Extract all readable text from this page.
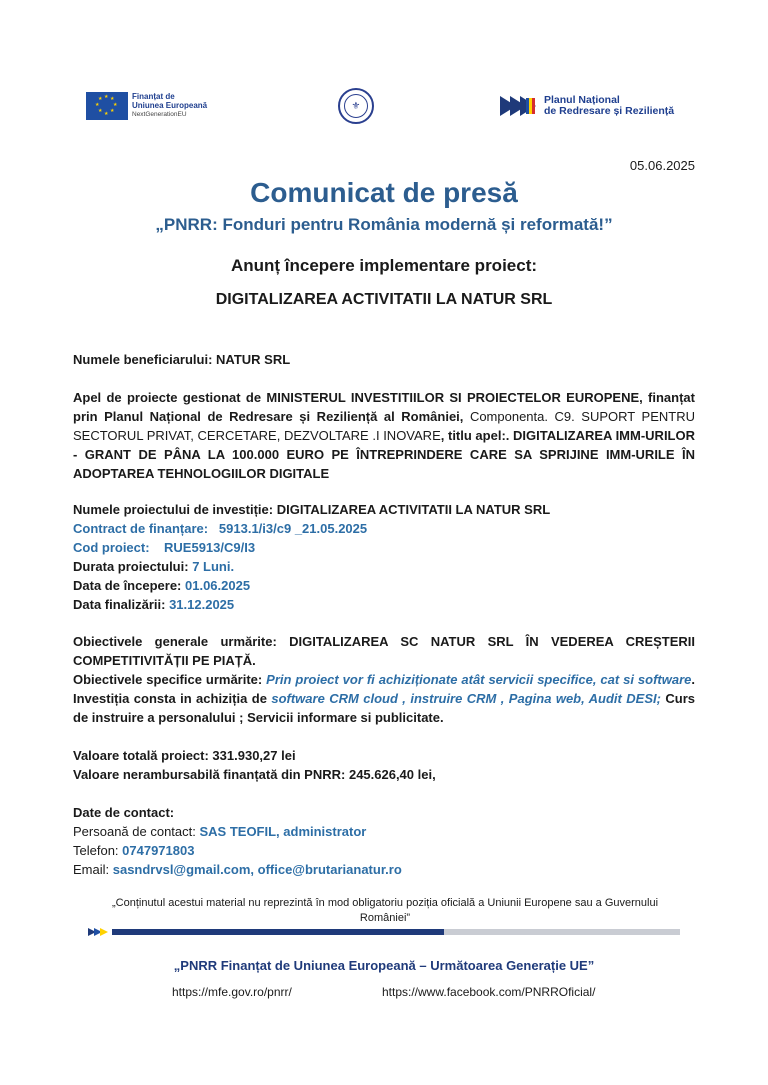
★ ★
★
★
★
★
★
★	Finanțat de
Uniunea Europeană
NextGenerationEU
⚜	Planul Național
de Redresare și Reziliență
05.06.2025
Comunicat de presă
„PNRR: Fonduri pentru România modernă și reformată!”
Anunț începere implementare proiect:
DIGITALIZAREA ACTIVITATII LA NATUR SRL

Numele beneficiarului: NATUR SRL

Apel de proiecte gestionat de MINISTERUL INVESTITIILOR SI PROIECTELOR EUROPENE, finanțat prin Planul Național de Redresare și Reziliență al României, Componenta. C9. SUPORT PENTRU SECTORUL PRIVAT, CERCETARE, DEZVOLTARE .I INOVARE, titlu apel:. DIGITALIZAREA IMM-URILOR - GRANT DE PÂNA LA 100.000 EURO PE ÎNTREPRINDERE CARE SA SPRIJINE IMM-URILE ÎN ADOPTAREA TEHNOLOGIILOR DIGITALE

Numele proiectului de investiție: DIGITALIZAREA ACTIVITATII LA NATUR SRL

Contract de finanțare: 5913.1/i3/c9 _21.05.2025

Cod proiect: RUE5913/C9/I3

Durata proiectului: 7 Luni.

Data de începere: 01.06.2025

Data finalizării: 31.12.2025

Obiectivele generale urmărite: DIGITALIZAREA SC NATUR SRL ÎN VEDEREA CREȘTERII COMPETITIVITĂȚII PE PIAȚĂ.

Obiectivele specifice urmărite: Prin proiect vor fi achiziționate atât servicii specifice, cat si software. Investiția consta in achiziția de software CRM cloud , instruire CRM , Pagina web, Audit DESI; Curs de instruire a personalului ; Servicii informare si publicitate.

Valoare totală proiect: 331.930,27 lei

Valoare nerambursabilă finanțată din PNRR: 245.626,40 lei,

Date de contact:

Persoană de contact: SAS TEOFIL, administrator

Telefon: 0747971803

Email: sasndrvsl@gmail.com, office@brutarianatur.ro

„Conținutul acestui material nu reprezintă în mod obligatoriu poziția oficială a Uniunii Europene sau a Guvernului României”
„PNRR Finanțat de Uniunea Europeană – Următoarea Generație UE”
https://mfe.gov.ro/pnrr/	https://www.facebook.com/PNRROficial/
